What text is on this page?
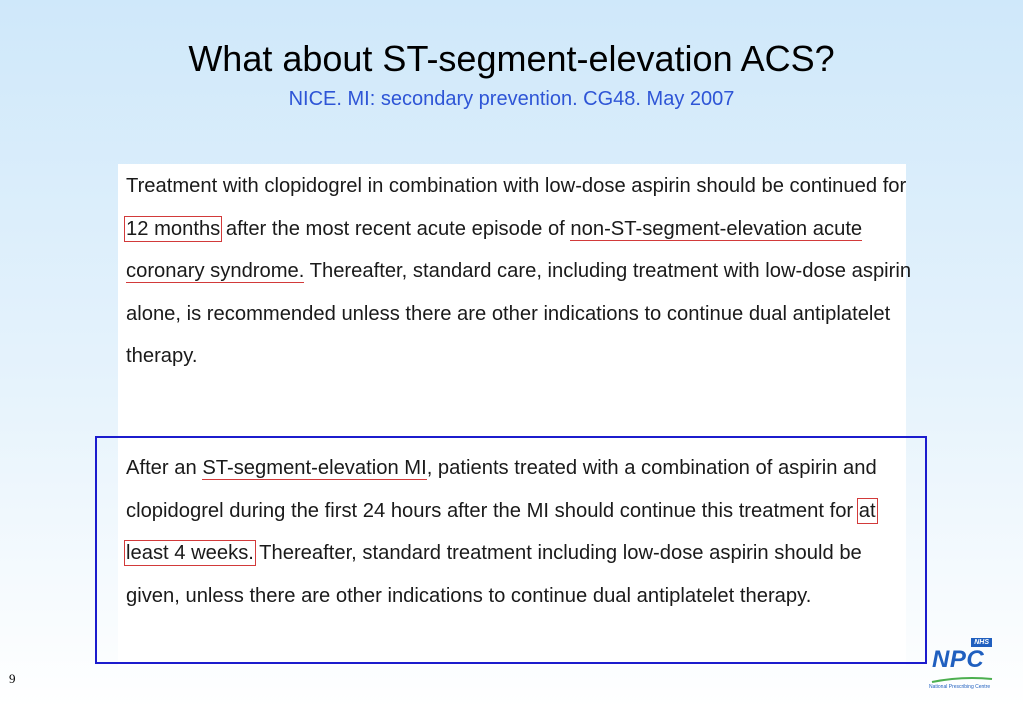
What about ST-segment-elevation ACS?
NICE. MI: secondary prevention. CG48. May 2007
Treatment with clopidogrel in combination with low-dose aspirin should be continued for 12 months after the most recent acute episode of non-ST-segment-elevation acute coronary syndrome. Thereafter, standard care, including treatment with low-dose aspirin alone, is recommended unless there are other indications to continue dual antiplatelet therapy.
After an ST-segment-elevation MI, patients treated with a combination of aspirin and clopidogrel during the first 24 hours after the MI should continue this treatment for at least 4 weeks. Thereafter, standard treatment including low-dose aspirin should be given, unless there are other indications to continue dual antiplatelet therapy.
9
NHS
NPC
National Prescribing Centre
